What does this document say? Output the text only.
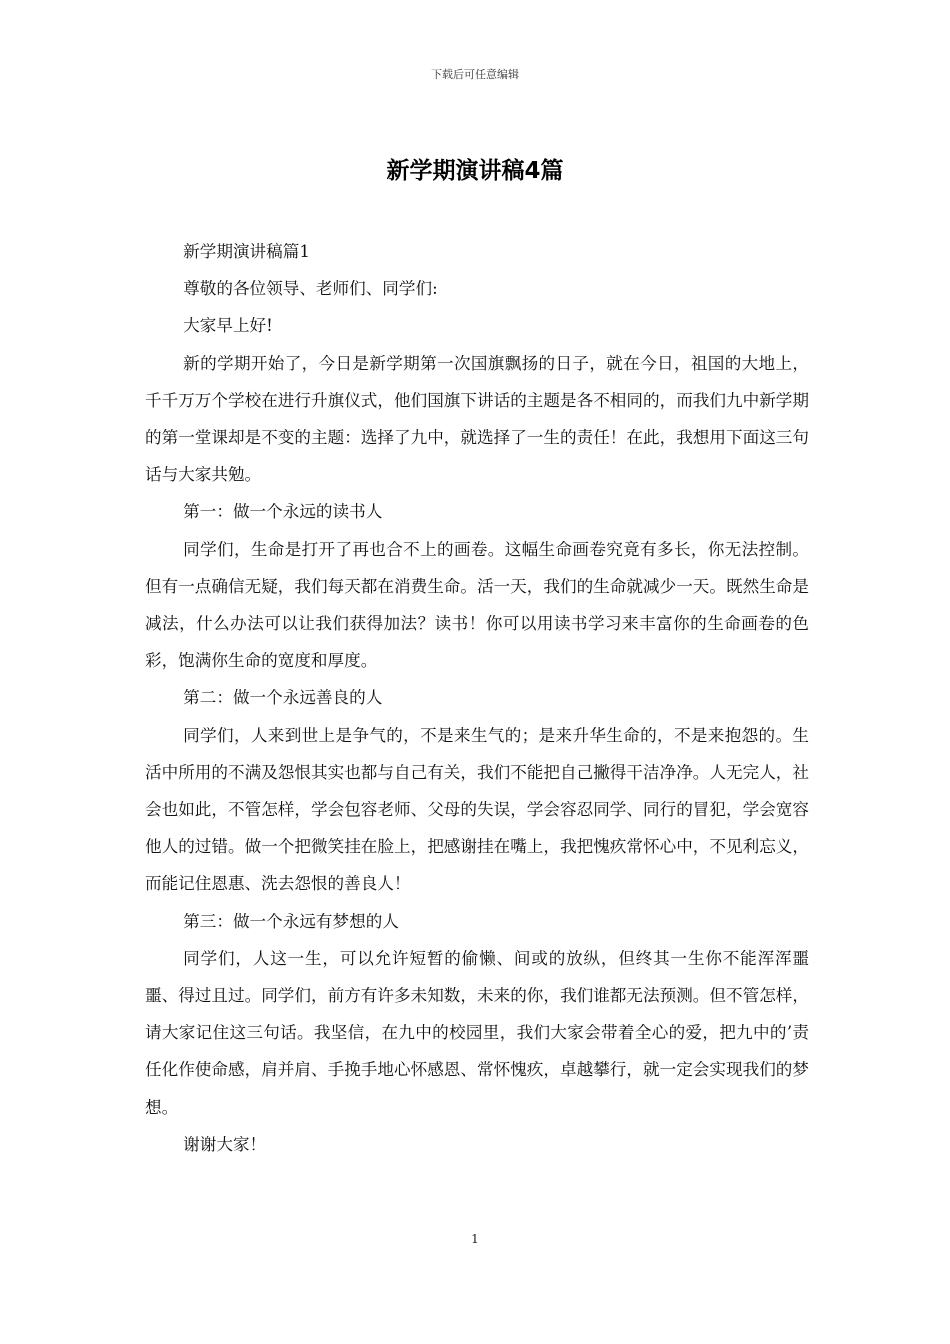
下载后可任意编辑
新学期演讲稿4篇

新学期演讲稿篇1

尊敬的各位领导、老师们、同学们:

大家早上好!

新的学期开始了，今日是新学期第一次国旗飘扬的日子，就在今日，祖国的大地上，千千万万个学校在进行升旗仪式，他们国旗下讲话的主题是各不相同的，而我们九中新学期的第一堂课却是不变的主题：选择了九中，就选择了一生的责任！在此，我想用下面这三句话与大家共勉。

第一：做一个永远的读书人

同学们，生命是打开了再也合不上的画卷。这幅生命画卷究竟有多长，你无法控制。但有一点确信无疑，我们每天都在消费生命。活一天，我们的生命就减少一天。既然生命是减法，什么办法可以让我们获得加法？读书！你可以用读书学习来丰富你的生命画卷的色彩，饱满你生命的宽度和厚度。

第二：做一个永远善良的人

同学们，人来到世上是争气的，不是来生气的；是来升华生命的，不是来抱怨的。生活中所用的不满及怨恨其实也都与自己有关，我们不能把自己撇得干洁净净。人无完人，社会也如此，不管怎样，学会包容老师、父母的失误，学会容忍同学、同行的冒犯，学会宽容他人的过错。做一个把微笑挂在脸上，把感谢挂在嘴上，我把愧疚常怀心中，不见利忘义，而能记住恩惠、洗去怨恨的善良人！

第三：做一个永远有梦想的人

同学们，人这一生，可以允许短暂的偷懒、间或的放纵，但终其一生你不能浑浑噩噩、得过且过。同学们，前方有许多未知数，未来的你，我们谁都无法预测。但不管怎样，请大家记住这三句话。我坚信，在九中的校园里，我们大家会带着全心的爱，把九中的’责任化作使命感，肩并肩、手挽手地心怀感恩、常怀愧疚，卓越攀行，就一定会实现我们的梦想。

谢谢大家！

1
